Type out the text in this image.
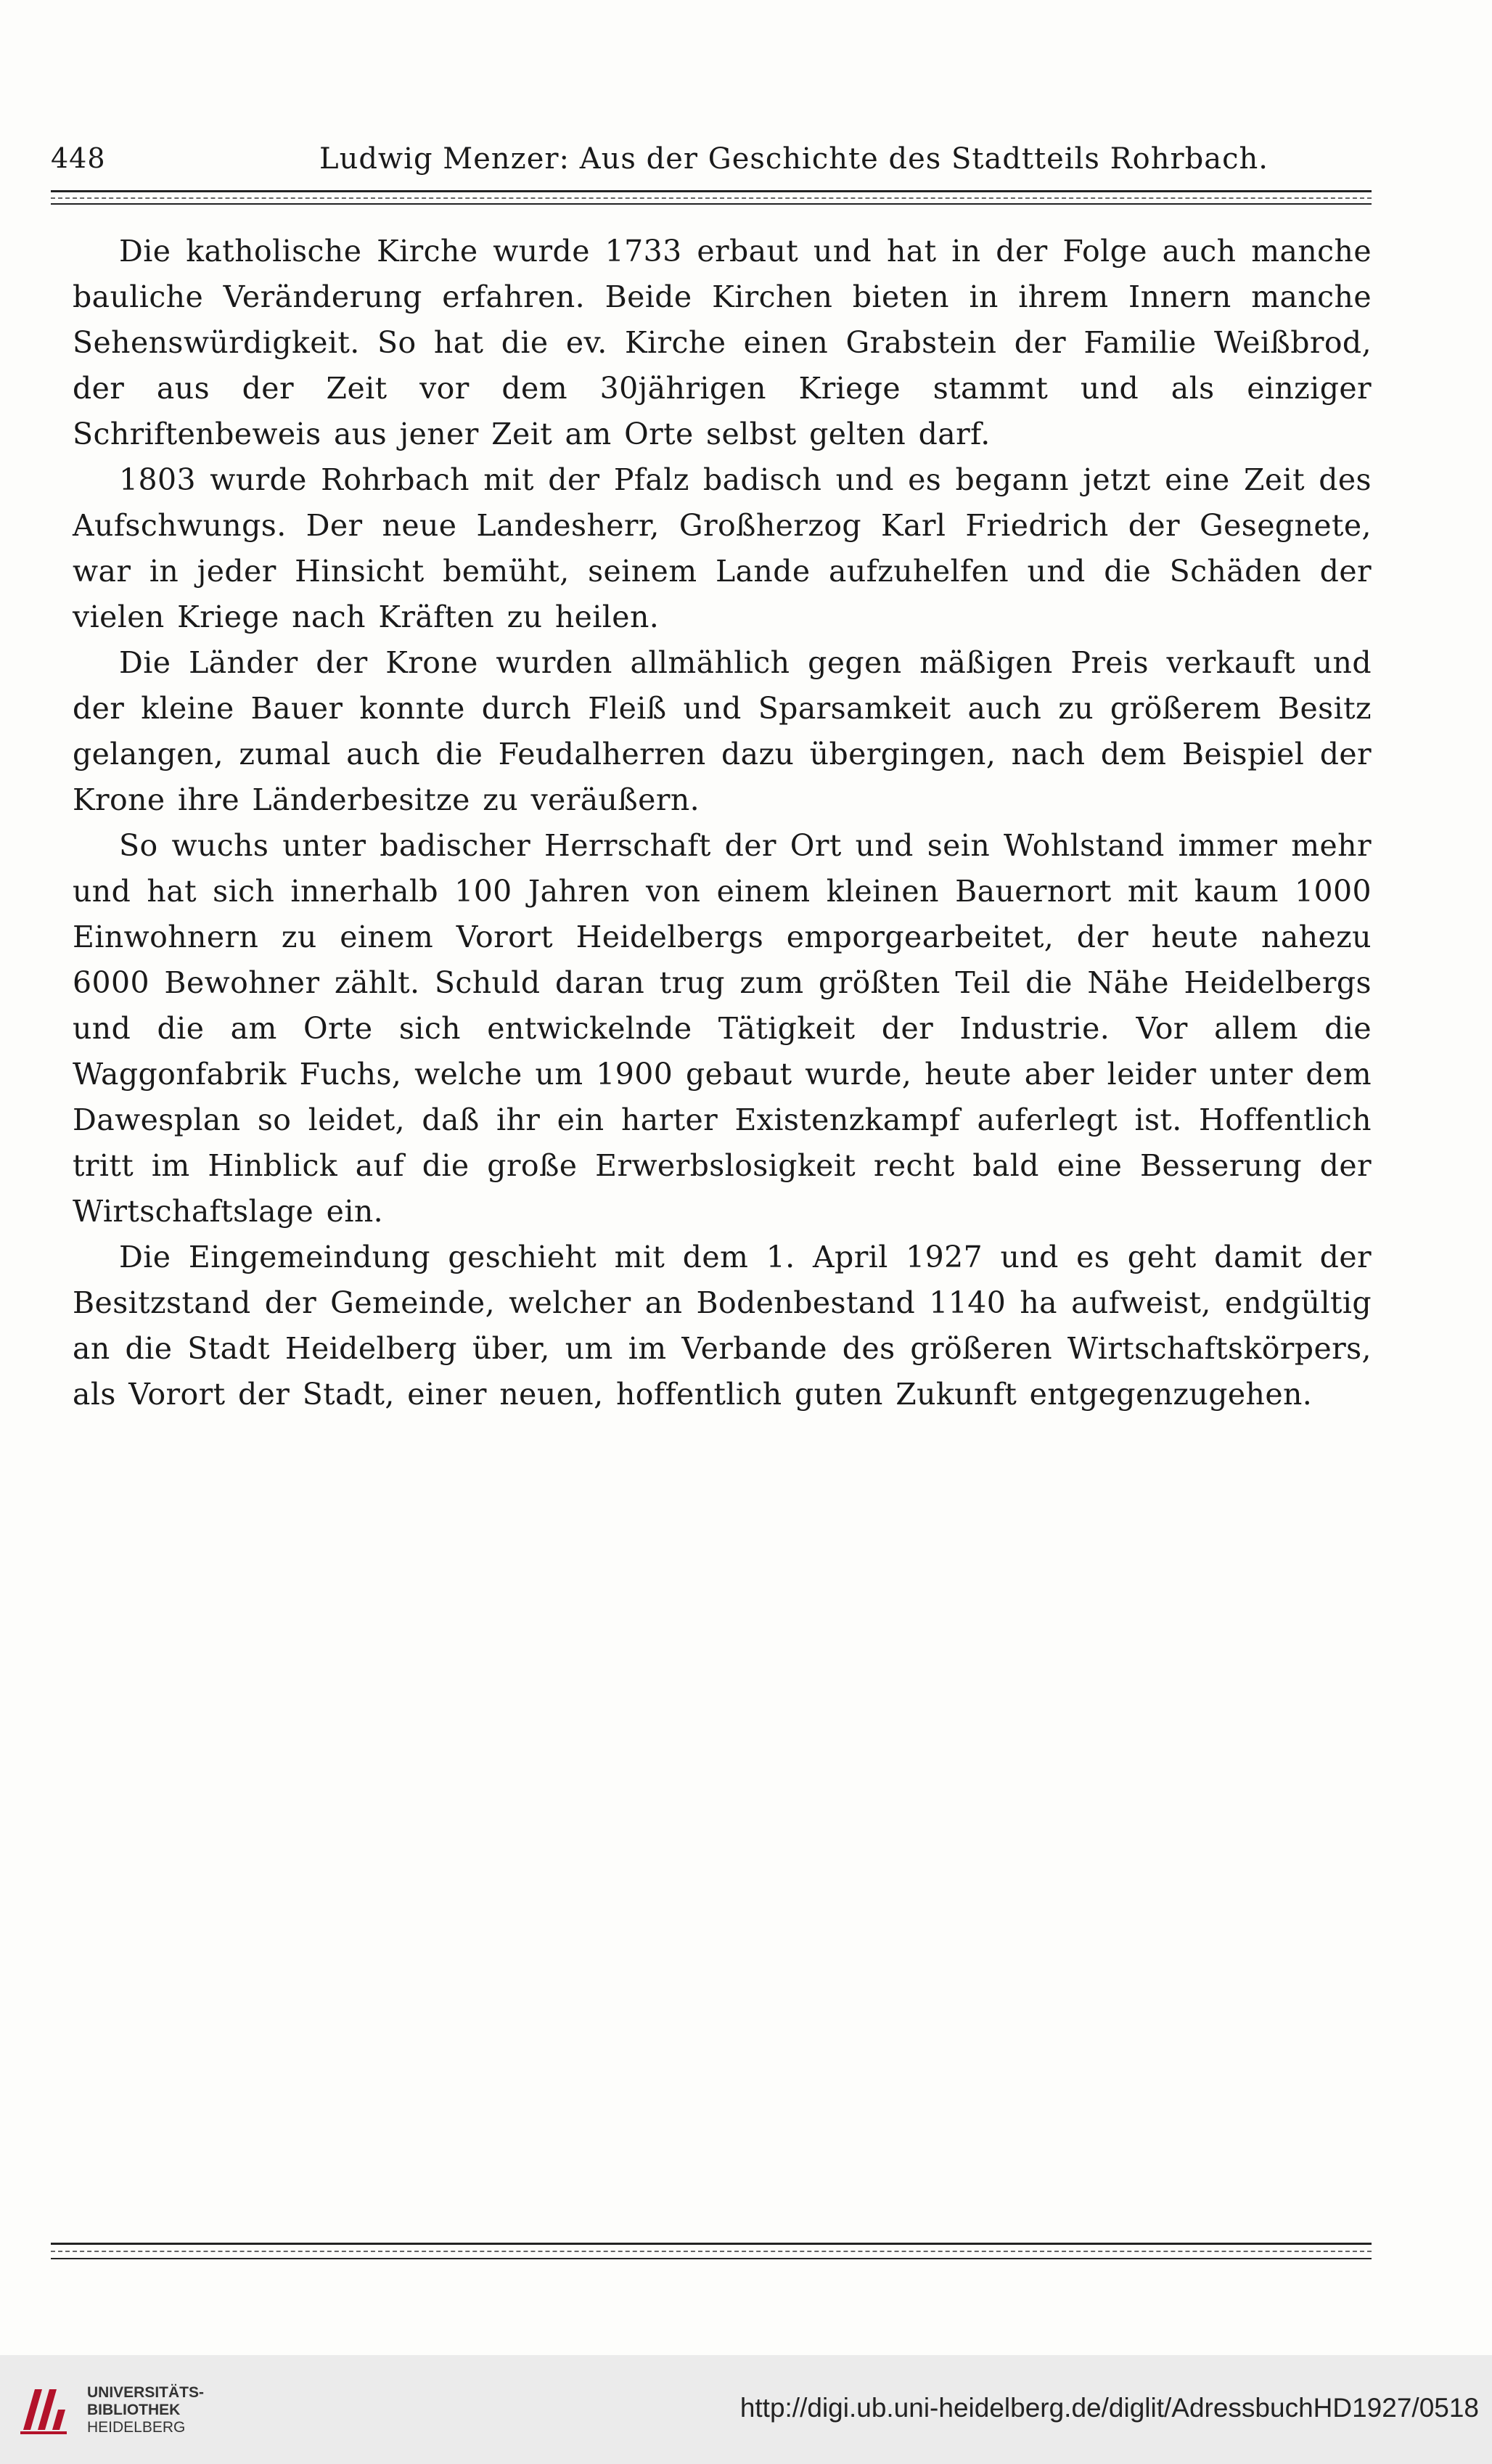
448	Ludwig Menzer: Aus der Geschichte des Stadtteils Rohrbach.

Die katholische Kirche wurde 1733 erbaut und hat in der Folge auch manche bauliche Veränderung erfahren. Beide Kirchen bieten in ihrem Innern manche Sehenswürdigkeit. So hat die ev. Kirche einen Grabstein der Familie Weißbrod, der aus der Zeit vor dem 30jährigen Kriege stammt und als einziger Schriftenbeweis aus jener Zeit am Orte selbst gelten darf.

1803 wurde Rohrbach mit der Pfalz badisch und es begann jetzt eine Zeit des Aufschwungs. Der neue Landesherr, Großherzog Karl Friedrich der Gesegnete, war in jeder Hinsicht bemüht, seinem Lande aufzuhelfen und die Schäden der vielen Kriege nach Kräften zu heilen.

Die Länder der Krone wurden allmählich gegen mäßigen Preis verkauft und der kleine Bauer konnte durch Fleiß und Sparsamkeit auch zu größerem Besitz gelangen, zumal auch die Feudalherren dazu übergingen, nach dem Beispiel der Krone ihre Länderbesitze zu veräußern.

So wuchs unter badischer Herrschaft der Ort und sein Wohlstand immer mehr und hat sich innerhalb 100 Jahren von einem kleinen Bauernort mit kaum 1000 Einwohnern zu einem Vorort Heidelbergs emporgearbeitet, der heute nahezu 6000 Bewohner zählt. Schuld daran trug zum größten Teil die Nähe Heidelbergs und die am Orte sich entwickelnde Tätigkeit der Industrie. Vor allem die Waggonfabrik Fuchs, welche um 1900 gebaut wurde, heute aber leider unter dem Dawesplan so leidet, daß ihr ein harter Existenzkampf auferlegt ist. Hoffentlich tritt im Hinblick auf die große Erwerbslosigkeit recht bald eine Besserung der Wirtschaftslage ein.

Die Eingemeindung geschieht mit dem 1. April 1927 und es geht damit der Besitzstand der Gemeinde, welcher an Bodenbestand 1140 ha aufweist, endgültig an die Stadt Heidelberg über, um im Verbande des größeren Wirtschaftskörpers, als Vorort der Stadt, einer neuen, hoffentlich guten Zukunft entgegenzugehen.

UNIVERSITÄTS-
BIBLIOTHEK
HEIDELBERG
http://digi.ub.uni-heidelberg.de/diglit/AdressbuchHD1927/0518
